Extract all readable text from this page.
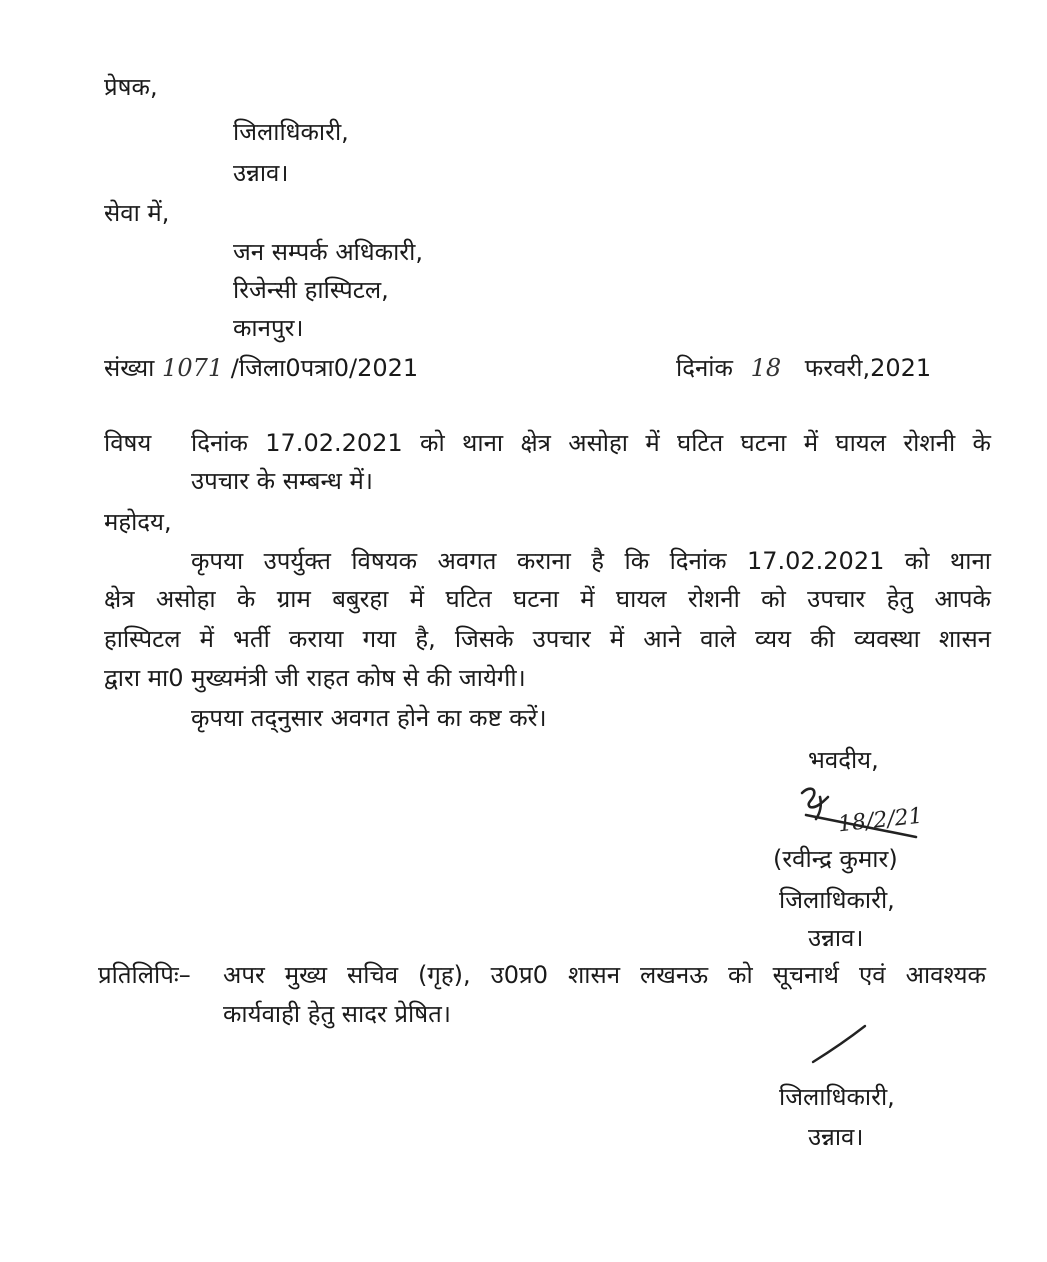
प्रेषक,
जिलाधिकारी,
उन्नाव।
सेवा में,
जन सम्पर्क अधिकारी,
रिजेन्सी हास्पिटल,
कानपुर।
संख्या 1071 /जिला0पत्रा0/2021	दिनांक 18 फरवरी,2021
विषय दिनांक 17.02.2021 को थाना क्षेत्र असोहा में घटित घटना में घायल रोशनी के
उपचार के सम्बन्ध में।
महोदय,
कृपया उपर्युक्त विषयक अवगत कराना है कि दिनांक 17.02.2021 को थाना
क्षेत्र असोहा के ग्राम बबुरहा में घटित घटना में घायल रोशनी को उपचार हेतु आपके
हास्पिटल में भर्ती कराया गया है, जिसके उपचार में आने वाले व्यय की व्यवस्था शासन
द्वारा मा0 मुख्यमंत्री जी राहत कोष से की जायेगी।
कृपया तद्नुसार अवगत होने का कष्ट करें।
भवदीय,
18/2/21
(रवीन्द्र कुमार)
जिलाधिकारी,
उन्नाव।
प्रतिलिपिः– अपर मुख्य सचिव (गृह), उ0प्र0 शासन लखनऊ को सूचनार्थ एवं आवश्यक
कार्यवाही हेतु सादर प्रेषित।
जिलाधिकारी,
उन्नाव।
